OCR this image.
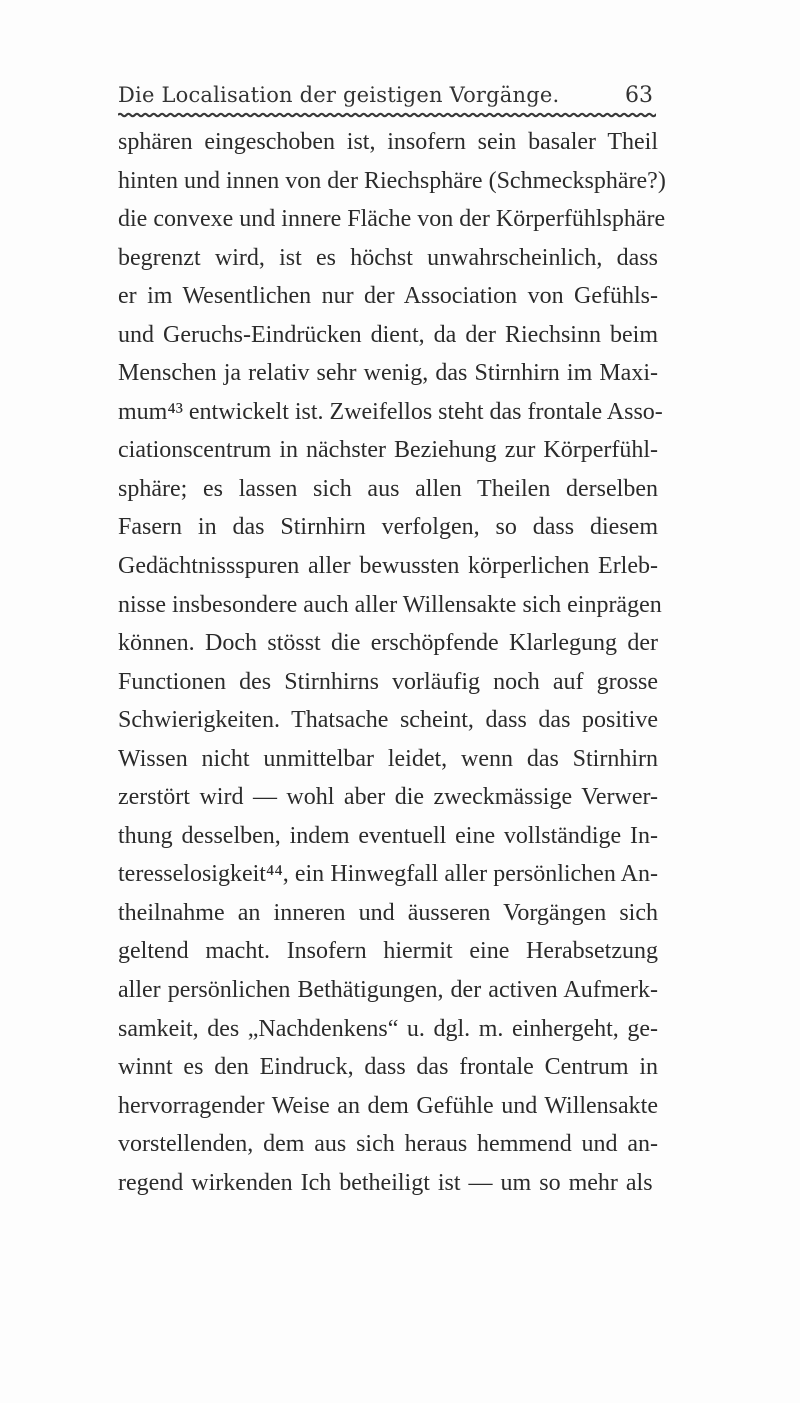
Die Localisation der geistigen Vorgänge.	63
sphären eingeschoben ist, insofern sein basaler Theil
hinten und innen von der Riechsphäre (Schmecksphäre?)
die convexe und innere Fläche von der Körperfühlsphäre
begrenzt wird, ist es höchst unwahrscheinlich, dass
er im Wesentlichen nur der Association von Gefühls-
und Geruchs-Eindrücken dient, da der Riechsinn beim
Menschen ja relativ sehr wenig, das Stirnhirn im Maxi-
mum⁴³ entwickelt ist. Zweifellos steht das frontale Asso-
ciationscentrum in nächster Beziehung zur Körperfühl-
sphäre; es lassen sich aus allen Theilen derselben
Fasern in das Stirnhirn verfolgen, so dass diesem
Gedächtnissspuren aller bewussten körperlichen Erleb-
nisse insbesondere auch aller Willensakte sich einprägen
können. Doch stösst die erschöpfende Klarlegung der
Functionen des Stirnhirns vorläufig noch auf grosse
Schwierigkeiten. Thatsache scheint, dass das positive
Wissen nicht unmittelbar leidet, wenn das Stirnhirn
zerstört wird — wohl aber die zweckmässige Verwer-
thung desselben, indem eventuell eine vollständige In-
teresselosigkeit⁴⁴, ein Hinwegfall aller persönlichen An-
theilnahme an inneren und äusseren Vorgängen sich
geltend macht. Insofern hiermit eine Herabsetzung
aller persönlichen Bethätigungen, der activen Aufmerk-
samkeit, des „Nachdenkens“ u. dgl. m. einhergeht, ge-
winnt es den Eindruck, dass das frontale Centrum in
hervorragender Weise an dem Gefühle und Willensakte
vorstellenden, dem aus sich heraus hemmend und an-
regend wirkenden Ich betheiligt ist — um so mehr als
